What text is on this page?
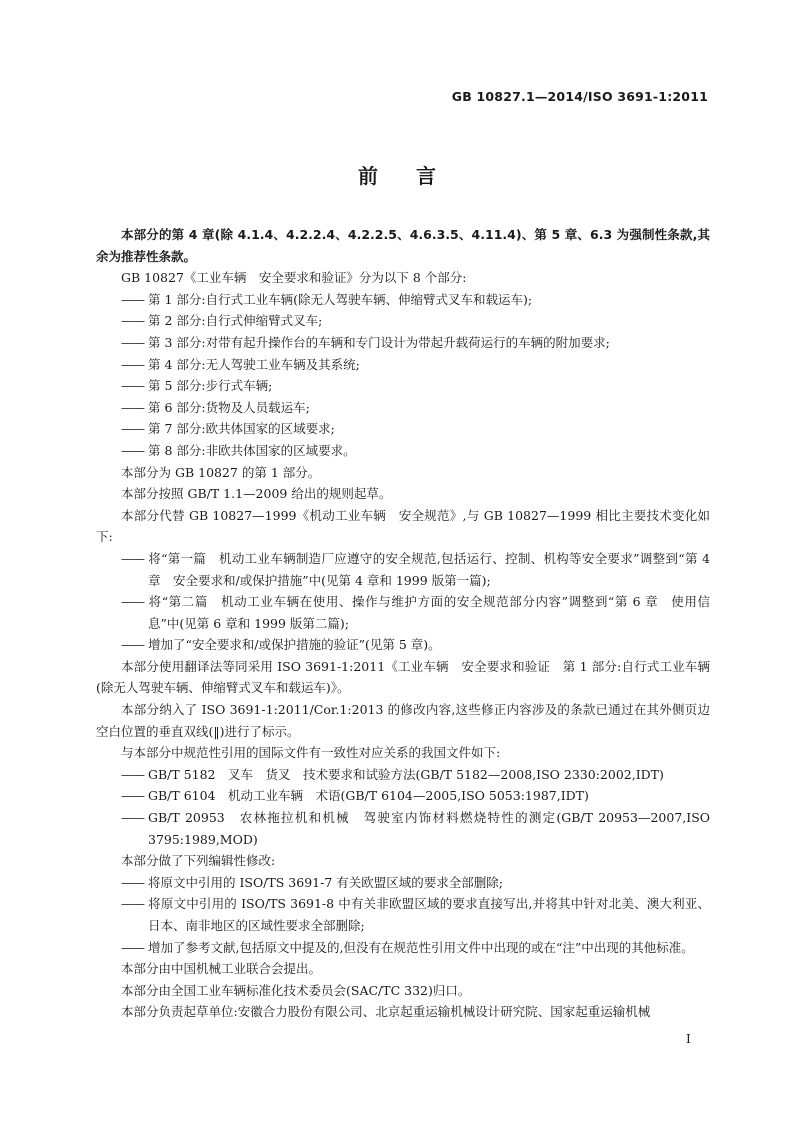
GB 10827.1—2014/ISO 3691-1:2011
前言

本部分的第 4 章(除 4.1.4、4.2.2.4、4.2.2.5、4.6.3.5、4.11.4)、第 5 章、6.3 为强制性条款,其余为推荐性条款。

GB 10827《工业车辆　安全要求和验证》分为以下 8 个部分:

—— 第 1 部分:自行式工业车辆(除无人驾驶车辆、伸缩臂式叉车和载运车);

—— 第 2 部分:自行式伸缩臂式叉车;

—— 第 3 部分:对带有起升操作台的车辆和专门设计为带起升载荷运行的车辆的附加要求;

—— 第 4 部分:无人驾驶工业车辆及其系统;

—— 第 5 部分:步行式车辆;

—— 第 6 部分:货物及人员载运车;

—— 第 7 部分:欧共体国家的区域要求;

—— 第 8 部分:非欧共体国家的区域要求。

本部分为 GB 10827 的第 1 部分。

本部分按照 GB/T 1.1—2009 给出的规则起草。

本部分代替 GB 10827—1999《机动工业车辆　安全规范》,与 GB 10827—1999 相比主要技术变化如下:

—— 将“第一篇　机动工业车辆制造厂应遵守的安全规范,包括运行、控制、机构等安全要求”调整到“第 4 章　安全要求和/或保护措施”中(见第 4 章和 1999 版第一篇);

—— 将“第二篇　机动工业车辆在使用、操作与维护方面的安全规范部分内容”调整到“第 6 章　使用信息”中(见第 6 章和 1999 版第二篇);

—— 增加了“安全要求和/或保护措施的验证”(见第 5 章)。

本部分使用翻译法等同采用 ISO 3691-1:2011《工业车辆　安全要求和验证　第 1 部分:自行式工业车辆(除无人驾驶车辆、伸缩臂式叉车和载运车)》。

本部分纳入了 ISO 3691-1:2011/Cor.1:2013 的修改内容,这些修正内容涉及的条款已通过在其外侧页边空白位置的垂直双线(‖)进行了标示。

与本部分中规范性引用的国际文件有一致性对应关系的我国文件如下:

—— GB/T 5182　叉车　货叉　技术要求和试验方法(GB/T 5182—2008,ISO 2330:2002,IDT)

—— GB/T 6104　机动工业车辆　术语(GB/T 6104—2005,ISO 5053:1987,IDT)

—— GB/T 20953　农林拖拉机和机械　驾驶室内饰材料燃烧特性的测定(GB/T 20953—2007,ISO 3795:1989,MOD)

本部分做了下列编辑性修改:

—— 将原文中引用的 ISO/TS 3691-7 有关欧盟区域的要求全部删除;

—— 将原文中引用的 ISO/TS 3691-8 中有关非欧盟区域的要求直接写出,并将其中针对北美、澳大利亚、日本、南非地区的区域性要求全部删除;

—— 增加了参考文献,包括原文中提及的,但没有在规范性引用文件中出现的或在“注”中出现的其他标准。

本部分由中国机械工业联合会提出。

本部分由全国工业车辆标准化技术委员会(SAC/TC 332)归口。

本部分负责起草单位:安徽合力股份有限公司、北京起重运输机械设计研究院、国家起重运输机械

I
